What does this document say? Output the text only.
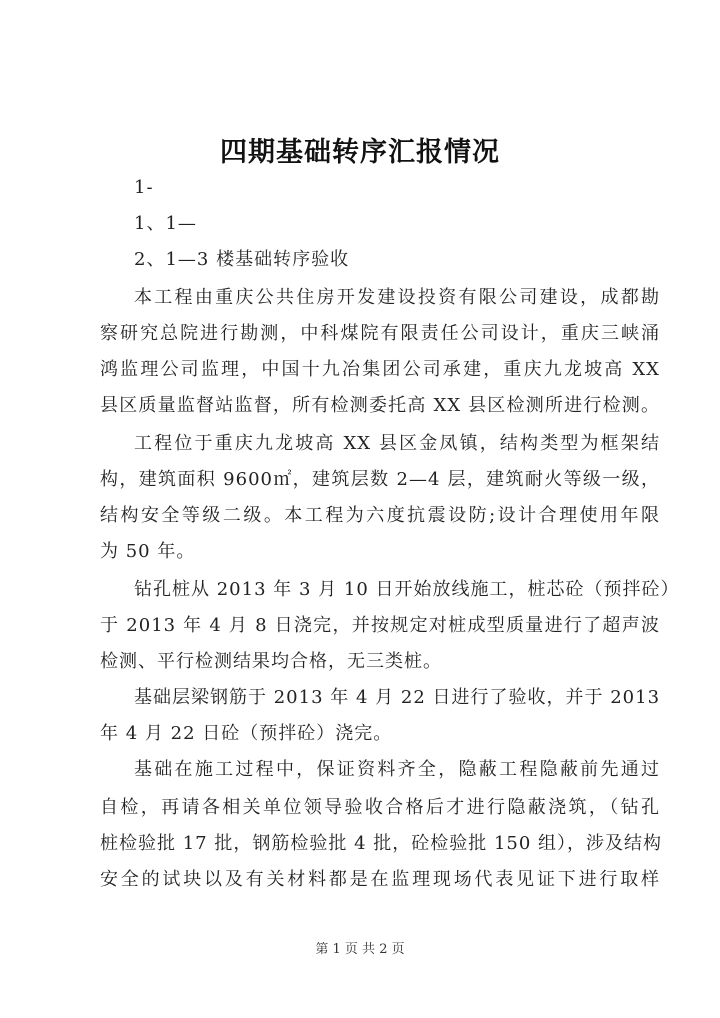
四期基础转序汇报情况
1-
1、1—
2、1—3 楼基础转序验收
本工程由重庆公共住房开发建设投资有限公司建设，成都勘
察研究总院进行勘测，中科煤院有限责任公司设计，重庆三峡涌
鸿监理公司监理，中国十九冶集团公司承建，重庆九龙坡高 XX
县区质量监督站监督，所有检测委托高 XX 县区检测所进行检测。
工程位于重庆九龙坡高 XX 县区金凤镇，结构类型为框架结
构，建筑面积 9600㎡，建筑层数 2—4 层，建筑耐火等级一级，
结构安全等级二级。本工程为六度抗震设防;设计合理使用年限
为 50 年。
钻孔桩从 2013 年 3 月 10 日开始放线施工，桩芯砼（预拌砼）
于 2013 年 4 月 8 日浇完，并按规定对桩成型质量进行了超声波
检测、平行检测结果均合格，无三类桩。
基础层梁钢筋于 2013 年 4 月 22 日进行了验收，并于 2013
年 4 月 22 日砼（预拌砼）浇完。
基础在施工过程中，保证资料齐全，隐蔽工程隐蔽前先通过
自检，再请各相关单位领导验收合格后才进行隐蔽浇筑，（钻孔
桩检验批 17 批，钢筋检验批 4 批，砼检验批 150 组），涉及结构
安全的试块以及有关材料都是在监理现场代表见证下进行取样
第 1 页 共 2 页
